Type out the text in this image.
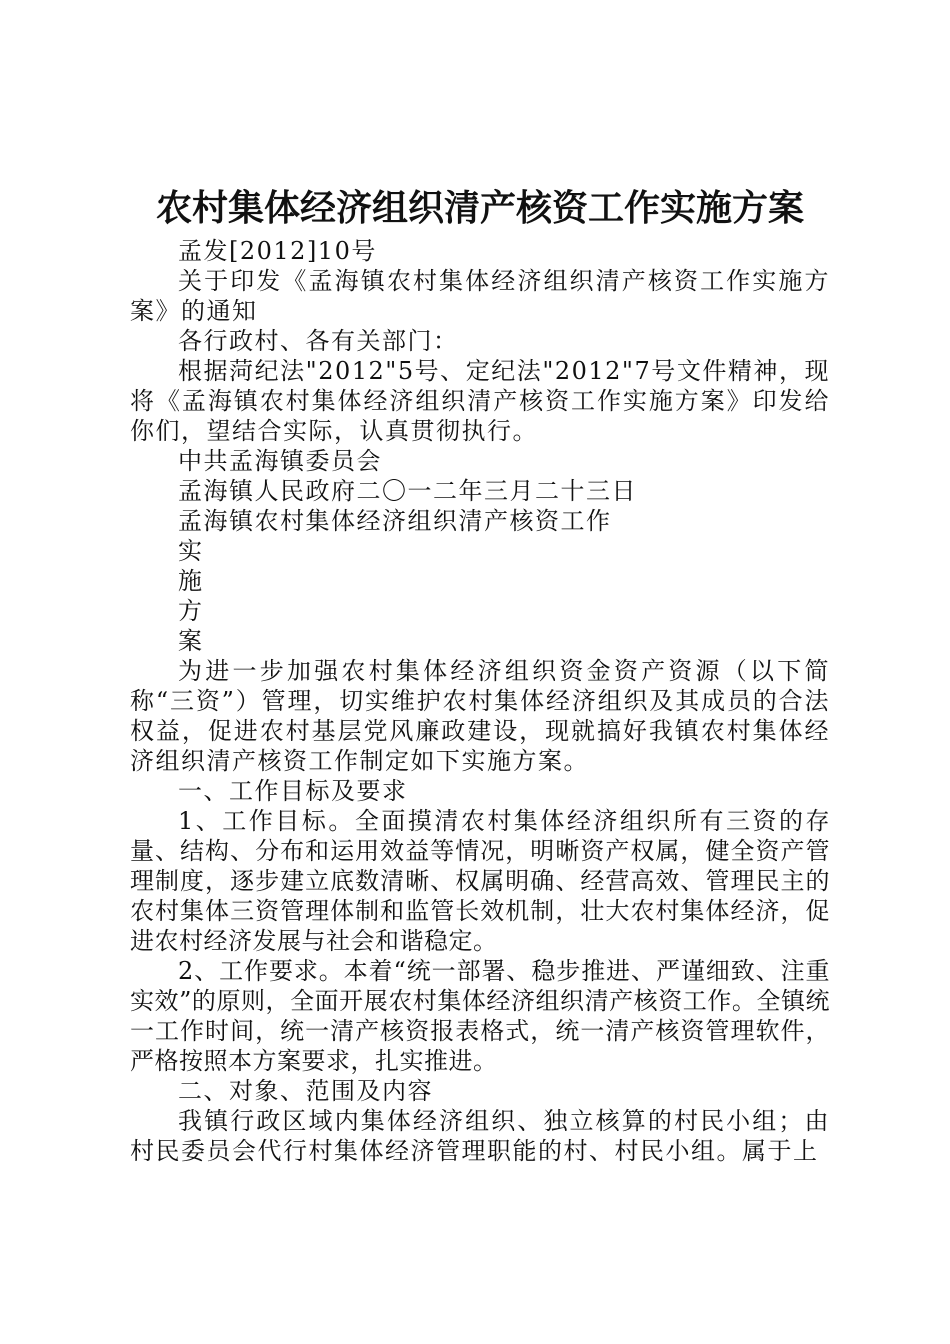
农村集体经济组织清产核资工作实施方案

孟发[2012]10号

关于印发《孟海镇农村集体经济组织清产核资工作实施方案》的通知

各行政村、各有关部门：

根据菏纪法"2012"5号、定纪法"2012"7号文件精神，现将《孟海镇农村集体经济组织清产核资工作实施方案》印发给你们，望结合实际，认真贯彻执行。

中共孟海镇委员会

孟海镇人民政府二〇一二年三月二十三日

孟海镇农村集体经济组织清产核资工作

实

施

方

案

为进一步加强农村集体经济组织资金资产资源（以下简称“三资”）管理，切实维护农村集体经济组织及其成员的合法权益，促进农村基层党风廉政建设，现就搞好我镇农村集体经济组织清产核资工作制定如下实施方案。

一、工作目标及要求

1、工作目标。全面摸清农村集体经济组织所有三资的存量、结构、分布和运用效益等情况，明晰资产权属，健全资产管理制度，逐步建立底数清晰、权属明确、经营高效、管理民主的农村集体三资管理体制和监管长效机制，壮大农村集体经济，促进农村经济发展与社会和谐稳定。

2、工作要求。本着“统一部署、稳步推进、严谨细致、注重实效”的原则，全面开展农村集体经济组织清产核资工作。全镇统一工作时间，统一清产核资报表格式，统一清产核资管理软件，严格按照本方案要求，扎实推进。

二、对象、范围及内容

我镇行政区域内集体经济组织、独立核算的村民小组；由村民委员会代行村集体经济管理职能的村、村民小组。属于上
